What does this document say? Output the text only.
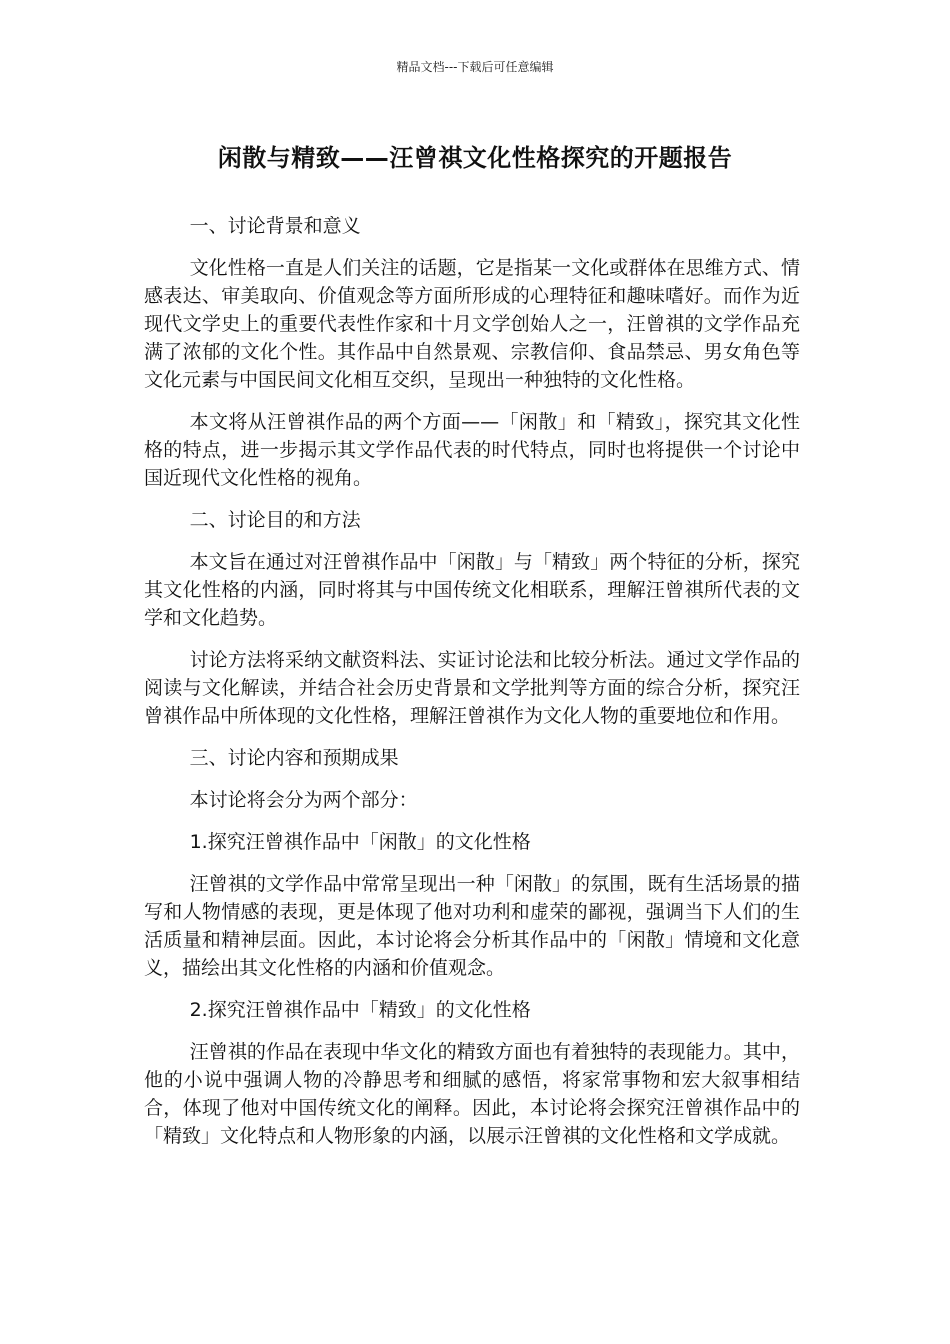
精品文档---下载后可任意编辑
闲散与精致——汪曾祺文化性格探究的开题报告

一、讨论背景和意义

文化性格一直是人们关注的话题，它是指某一文化或群体在思维方式、情感表达、审美取向、价值观念等方面所形成的心理特征和趣味嗜好。而作为近现代文学史上的重要代表性作家和十月文学创始人之一，汪曾祺的文学作品充满了浓郁的文化个性。其作品中自然景观、宗教信仰、食品禁忌、男女角色等文化元素与中国民间文化相互交织，呈现出一种独特的文化性格。

本文将从汪曾祺作品的两个方面——「闲散」和「精致」，探究其文化性格的特点，进一步揭示其文学作品代表的时代特点，同时也将提供一个讨论中国近现代文化性格的视角。

二、讨论目的和方法

本文旨在通过对汪曾祺作品中「闲散」与「精致」两个特征的分析，探究其文化性格的内涵，同时将其与中国传统文化相联系，理解汪曾祺所代表的文学和文化趋势。

讨论方法将采纳文献资料法、实证讨论法和比较分析法。通过文学作品的阅读与文化解读，并结合社会历史背景和文学批判等方面的综合分析，探究汪曾祺作品中所体现的文化性格，理解汪曾祺作为文化人物的重要地位和作用。

三、讨论内容和预期成果

本讨论将会分为两个部分：

1.探究汪曾祺作品中「闲散」的文化性格

汪曾祺的文学作品中常常呈现出一种「闲散」的氛围，既有生活场景的描写和人物情感的表现，更是体现了他对功利和虚荣的鄙视，强调当下人们的生活质量和精神层面。因此，本讨论将会分析其作品中的「闲散」情境和文化意义，描绘出其文化性格的内涵和价值观念。

2.探究汪曾祺作品中「精致」的文化性格

汪曾祺的作品在表现中华文化的精致方面也有着独特的表现能力。其中，他的小说中强调人物的冷静思考和细腻的感悟，将家常事物和宏大叙事相结合，体现了他对中国传统文化的阐释。因此，本讨论将会探究汪曾祺作品中的「精致」文化特点和人物形象的内涵，以展示汪曾祺的文化性格和文学成就。
